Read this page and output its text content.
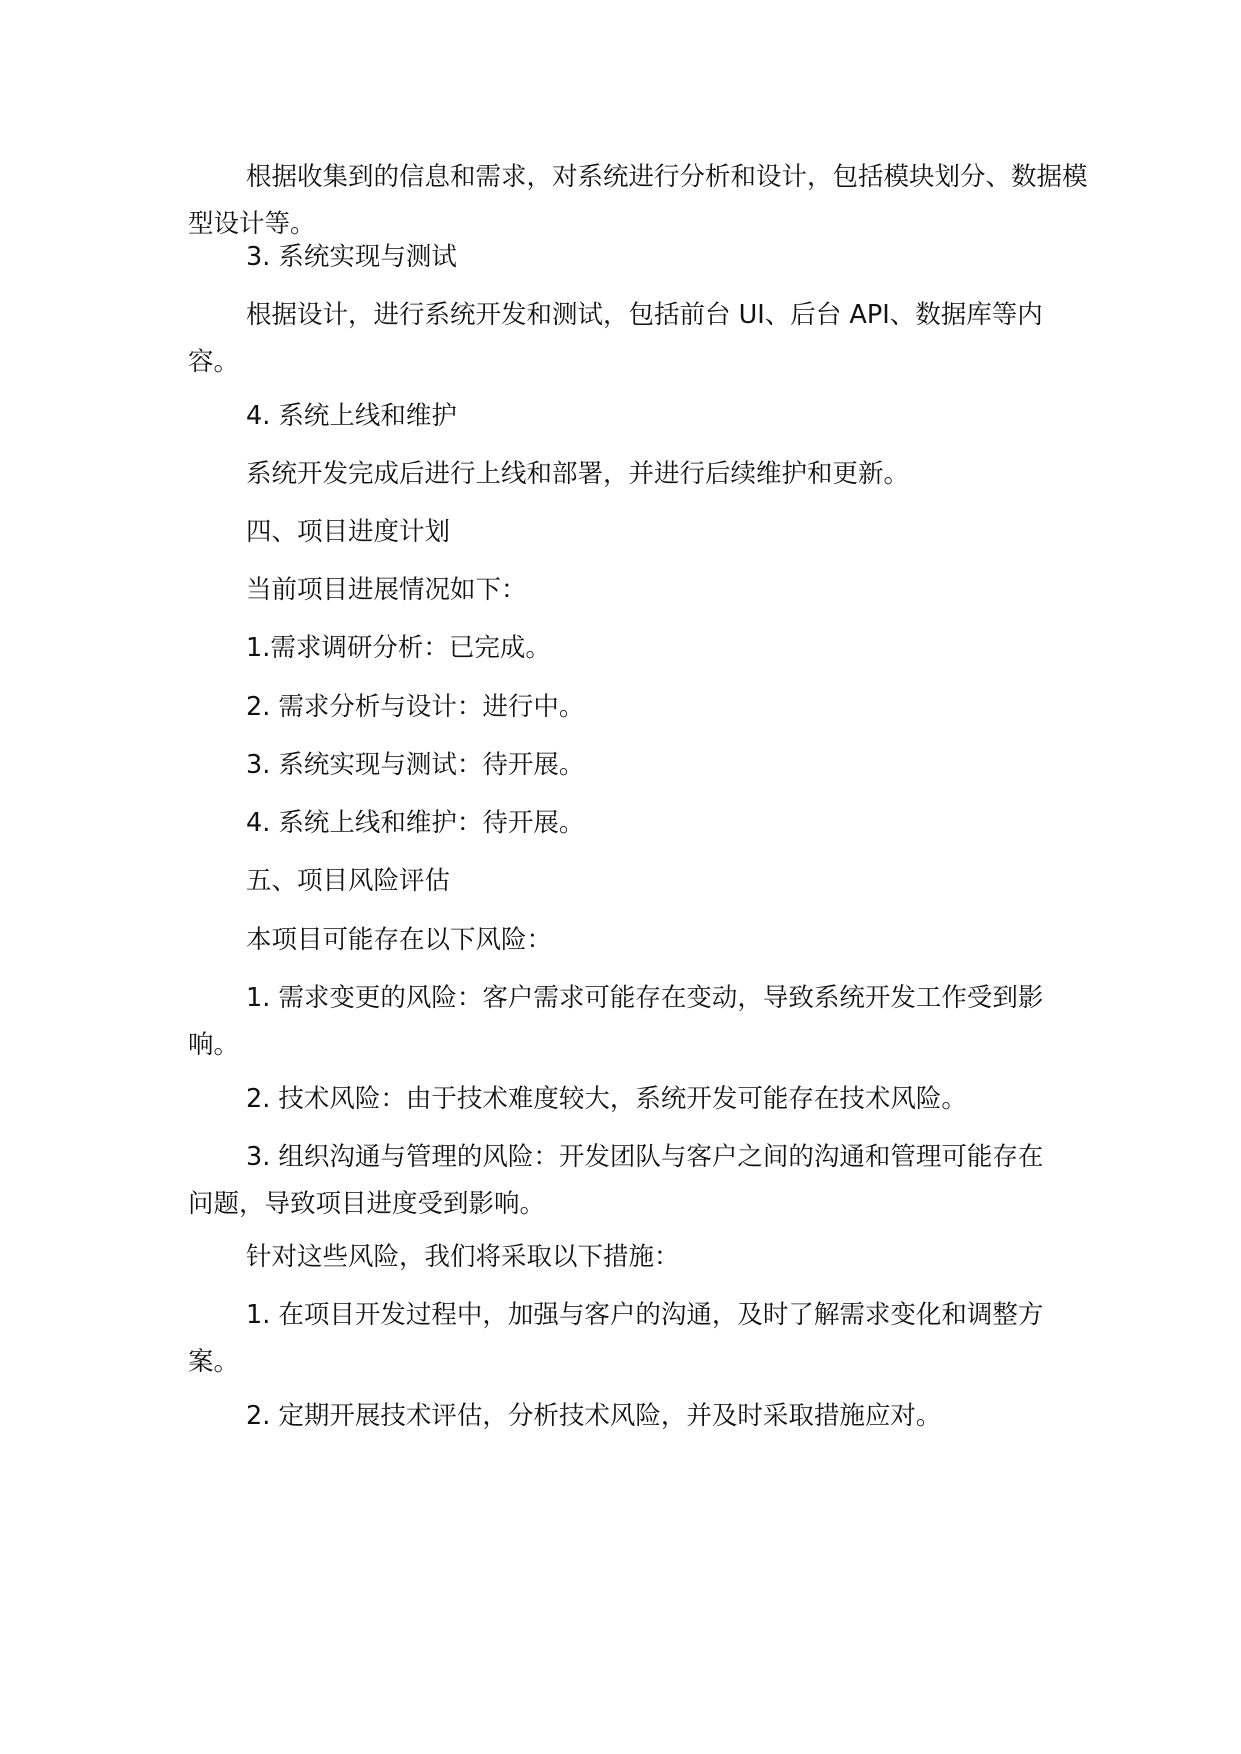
根据收集到的信息和需求，对系统进行分析和设计，包括模块划分、数据模型设计等。

3. 系统实现与测试

根据设计，进行系统开发和测试，包括前台 UI、后台 API、数据库等内容。

4. 系统上线和维护

系统开发完成后进行上线和部署，并进行后续维护和更新。

四、项目进度计划

当前项目进展情况如下：

1.需求调研分析：已完成。

2. 需求分析与设计：进行中。

3. 系统实现与测试：待开展。

4. 系统上线和维护：待开展。

五、项目风险评估

本项目可能存在以下风险：

1. 需求变更的风险：客户需求可能存在变动，导致系统开发工作受到影响。

2. 技术风险：由于技术难度较大，系统开发可能存在技术风险。

3. 组织沟通与管理的风险：开发团队与客户之间的沟通和管理可能存在问题，导致项目进度受到影响。

针对这些风险，我们将采取以下措施：

1. 在项目开发过程中，加强与客户的沟通，及时了解需求变化和调整方案。

2. 定期开展技术评估，分析技术风险，并及时采取措施应对。
